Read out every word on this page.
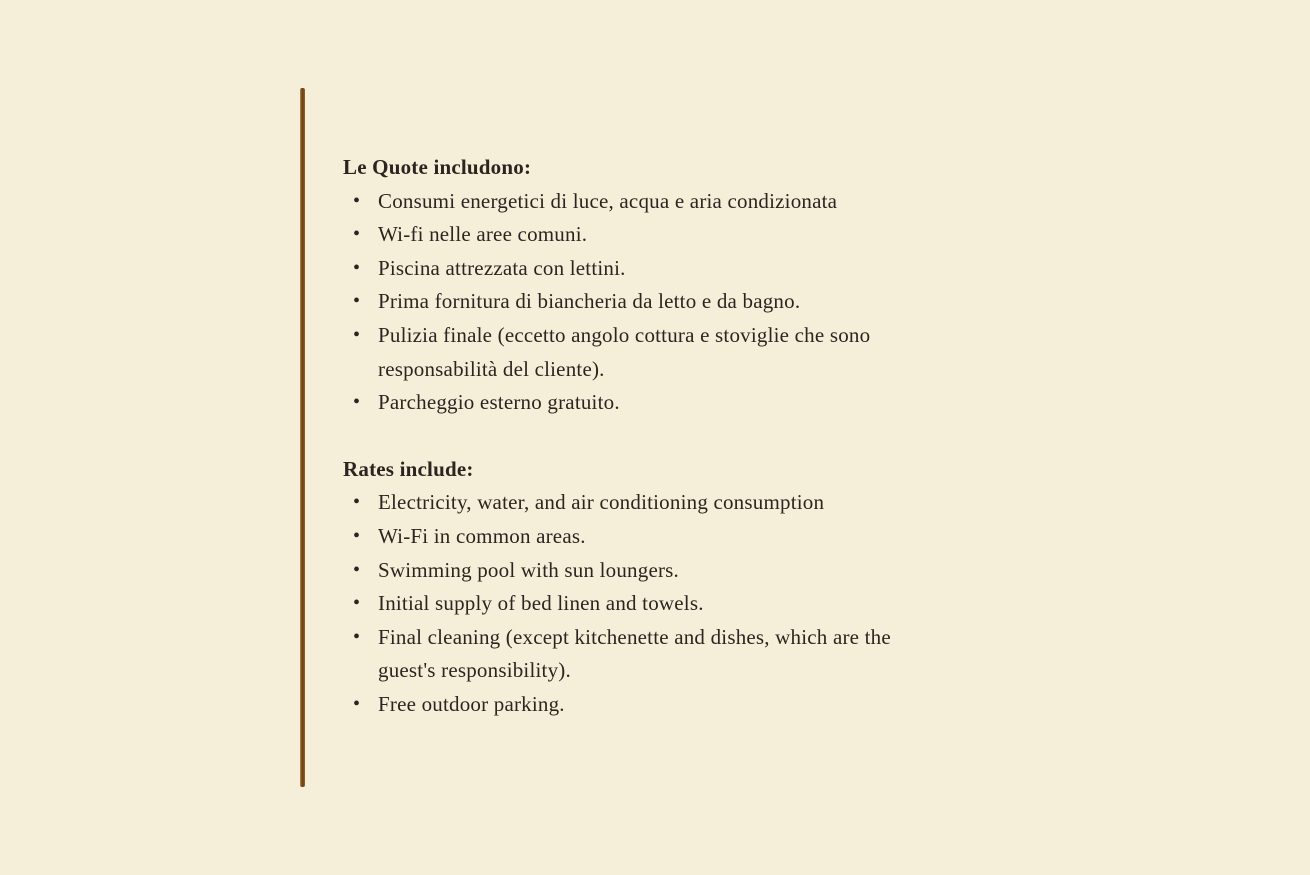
Le Quote includono:
• Consumi energetici di luce, acqua e aria condizionata
• Wi-fi nelle aree comuni.
• Piscina attrezzata con lettini.
• Prima fornitura di biancheria da letto e da bagno.
• Pulizia finale (eccetto angolo cottura e stoviglie che sono
responsabilità del cliente).
• Parcheggio esterno gratuito.
Rates include:
• Electricity, water, and air conditioning consumption
• Wi-Fi in common areas.
• Swimming pool with sun loungers.
• Initial supply of bed linen and towels.
• Final cleaning (except kitchenette and dishes, which are the
guest's responsibility).
• Free outdoor parking.
